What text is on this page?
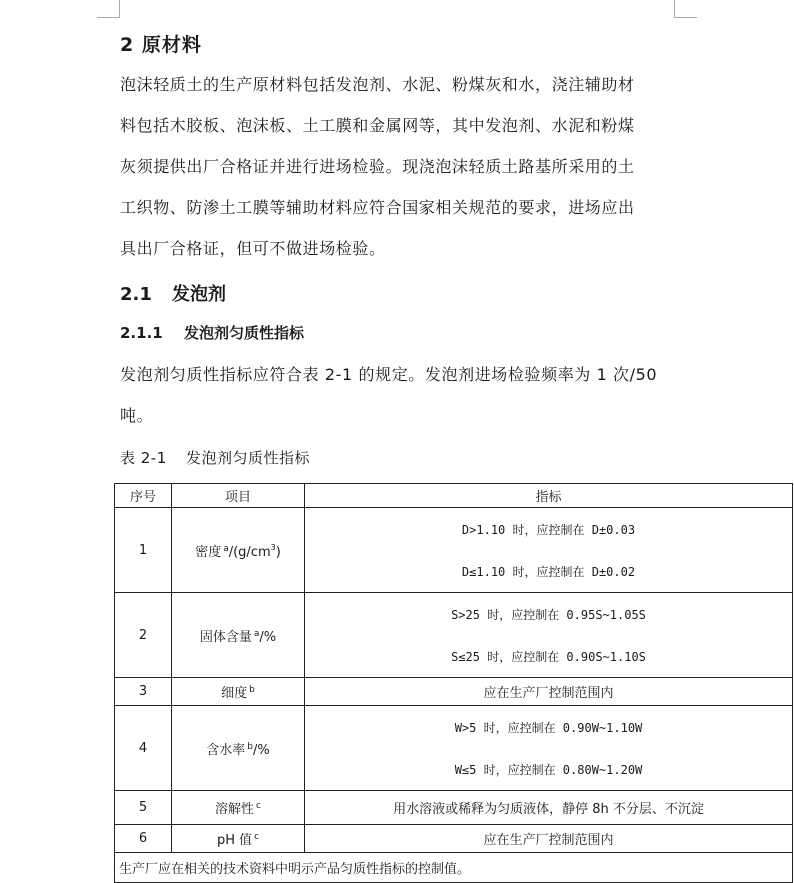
2 原材料
泡沫轻质土的生产原材料包括发泡剂、水泥、粉煤灰和水，浇注辅助材
料包括木胶板、泡沫板、土工膜和金属网等，其中发泡剂、水泥和粉煤
灰须提供出厂合格证并进行进场检验。现浇泡沫轻质土路基所采用的土
工织物、防渗土工膜等辅助材料应符合国家相关规范的要求，进场应出
具出厂合格证，但可不做进场检验。
2.1 发泡剂
2.1.1 发泡剂匀质性指标
发泡剂匀质性指标应符合表 2-1 的规定。发泡剂进场检验频率为 1 次/50
吨。

表 2-1 发泡剂匀质性指标

序号	项目	指标
1	密度 $^a/(g/cm^3)$	D>1.10 时，应控制在 D±0.03
D≤1.10 时，应控制在 D±0.02

2	固体含量 $^a$/%	S>25 时，应控制在 0.95S~1.05S
S≤25 时，应控制在 0.90S~1.10S

3	细度 $^b$	应在生产厂控制范围内
4	含水率 $^b$/%	W>5 时，应控制在 0.90W~1.10W
W≤5 时，应控制在 0.80W~1.20W

5	溶解性 $^c$	用水溶液或稀释为匀质液体，静停 8h 不分层、不沉淀
6	pH 值 $^c$	应在生产厂控制范围内
生产厂应在相关的技术资料中明示产品匀质性指标的控制值。		
